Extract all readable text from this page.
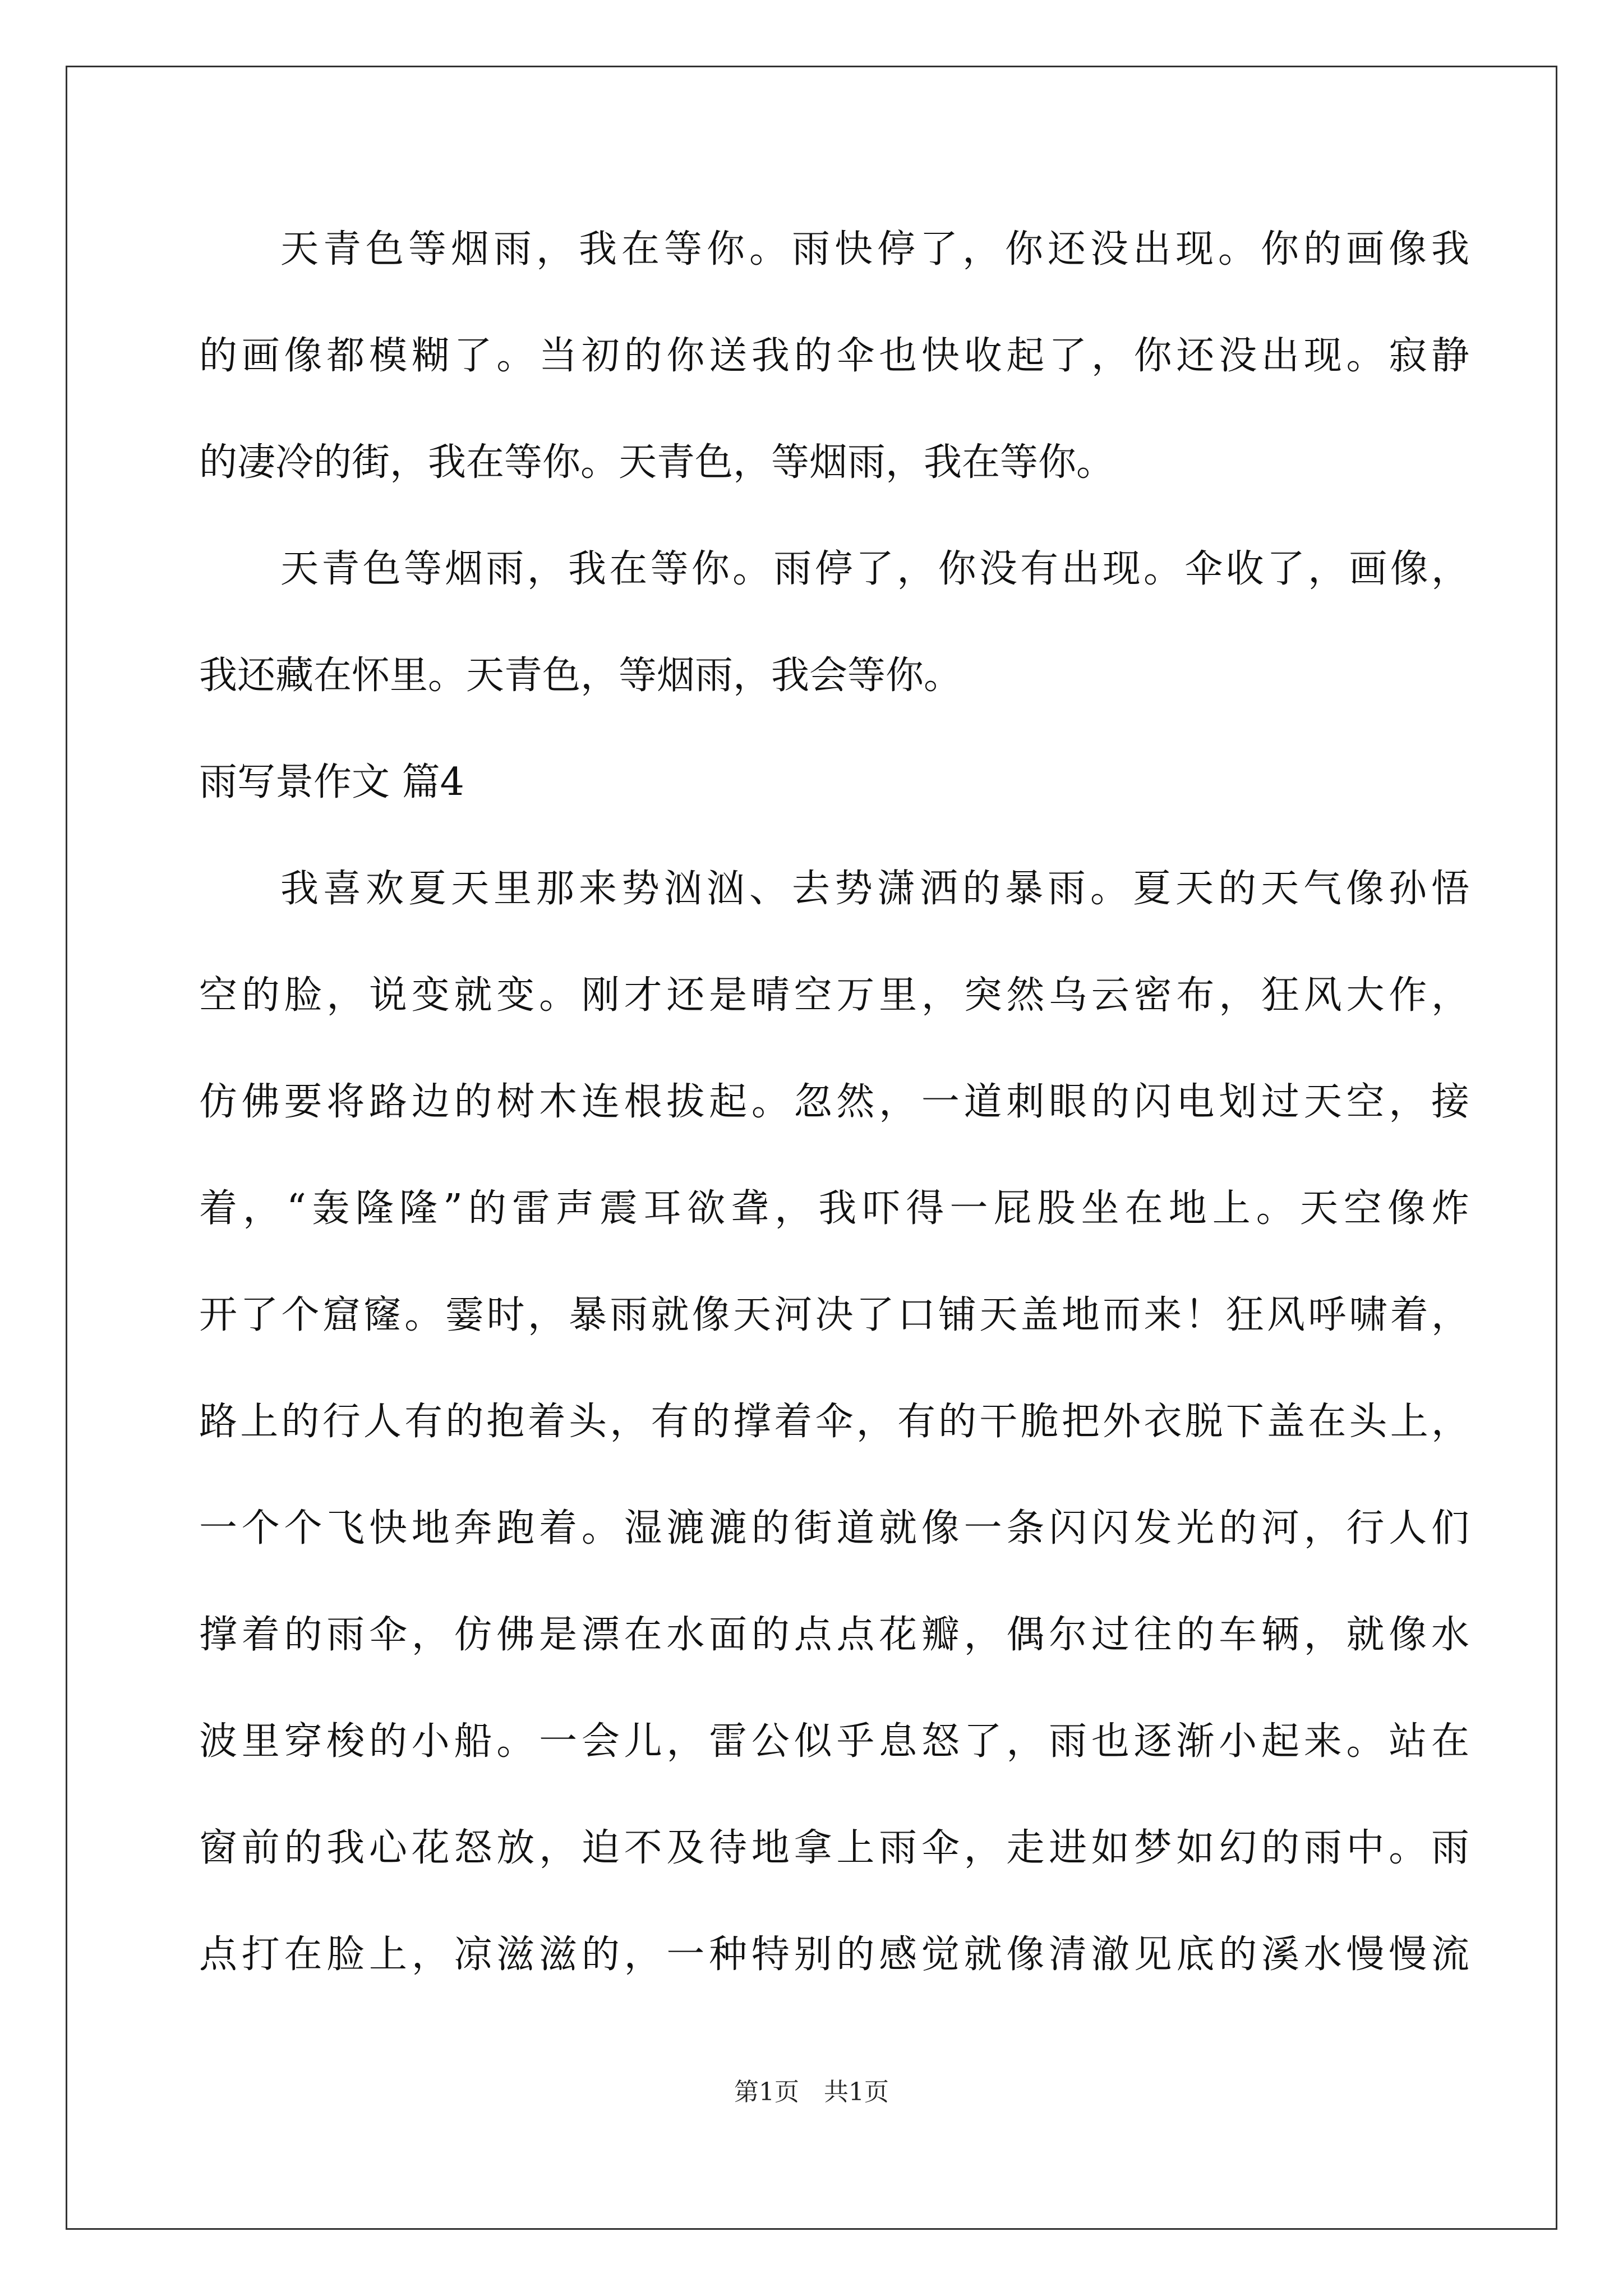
天青色等烟雨，我在等你。雨快停了，你还没出现。你的画像我
的画像都模糊了。当初的你送我的伞也快收起了，你还没出现。寂静
的凄冷的街，我在等你。天青色，等烟雨，我在等你。
天青色等烟雨，我在等你。雨停了，你没有出现。伞收了，画像，
我还藏在怀里。天青色，等烟雨，我会等你。
雨写景作文 篇4
我喜欢夏天里那来势汹汹、去势潇洒的暴雨。夏天的天气像孙悟
空的脸，说变就变。刚才还是晴空万里，突然乌云密布，狂风大作，
仿佛要将路边的树木连根拔起。忽然，一道刺眼的闪电划过天空，接
着，“轰隆隆”的雷声震耳欲聋，我吓得一屁股坐在地上。天空像炸
开了个窟窿。霎时，暴雨就像天河决了口铺天盖地而来！狂风呼啸着，
路上的行人有的抱着头，有的撑着伞，有的干脆把外衣脱下盖在头上，
一个个飞快地奔跑着。湿漉漉的街道就像一条闪闪发光的河，行人们
撑着的雨伞，仿佛是漂在水面的点点花瓣，偶尔过往的车辆，就像水
波里穿梭的小船。一会儿，雷公似乎息怒了，雨也逐渐小起来。站在
窗前的我心花怒放，迫不及待地拿上雨伞，走进如梦如幻的雨中。雨
点打在脸上，凉滋滋的，一种特别的感觉就像清澈见底的溪水慢慢流
第1页　共1页
